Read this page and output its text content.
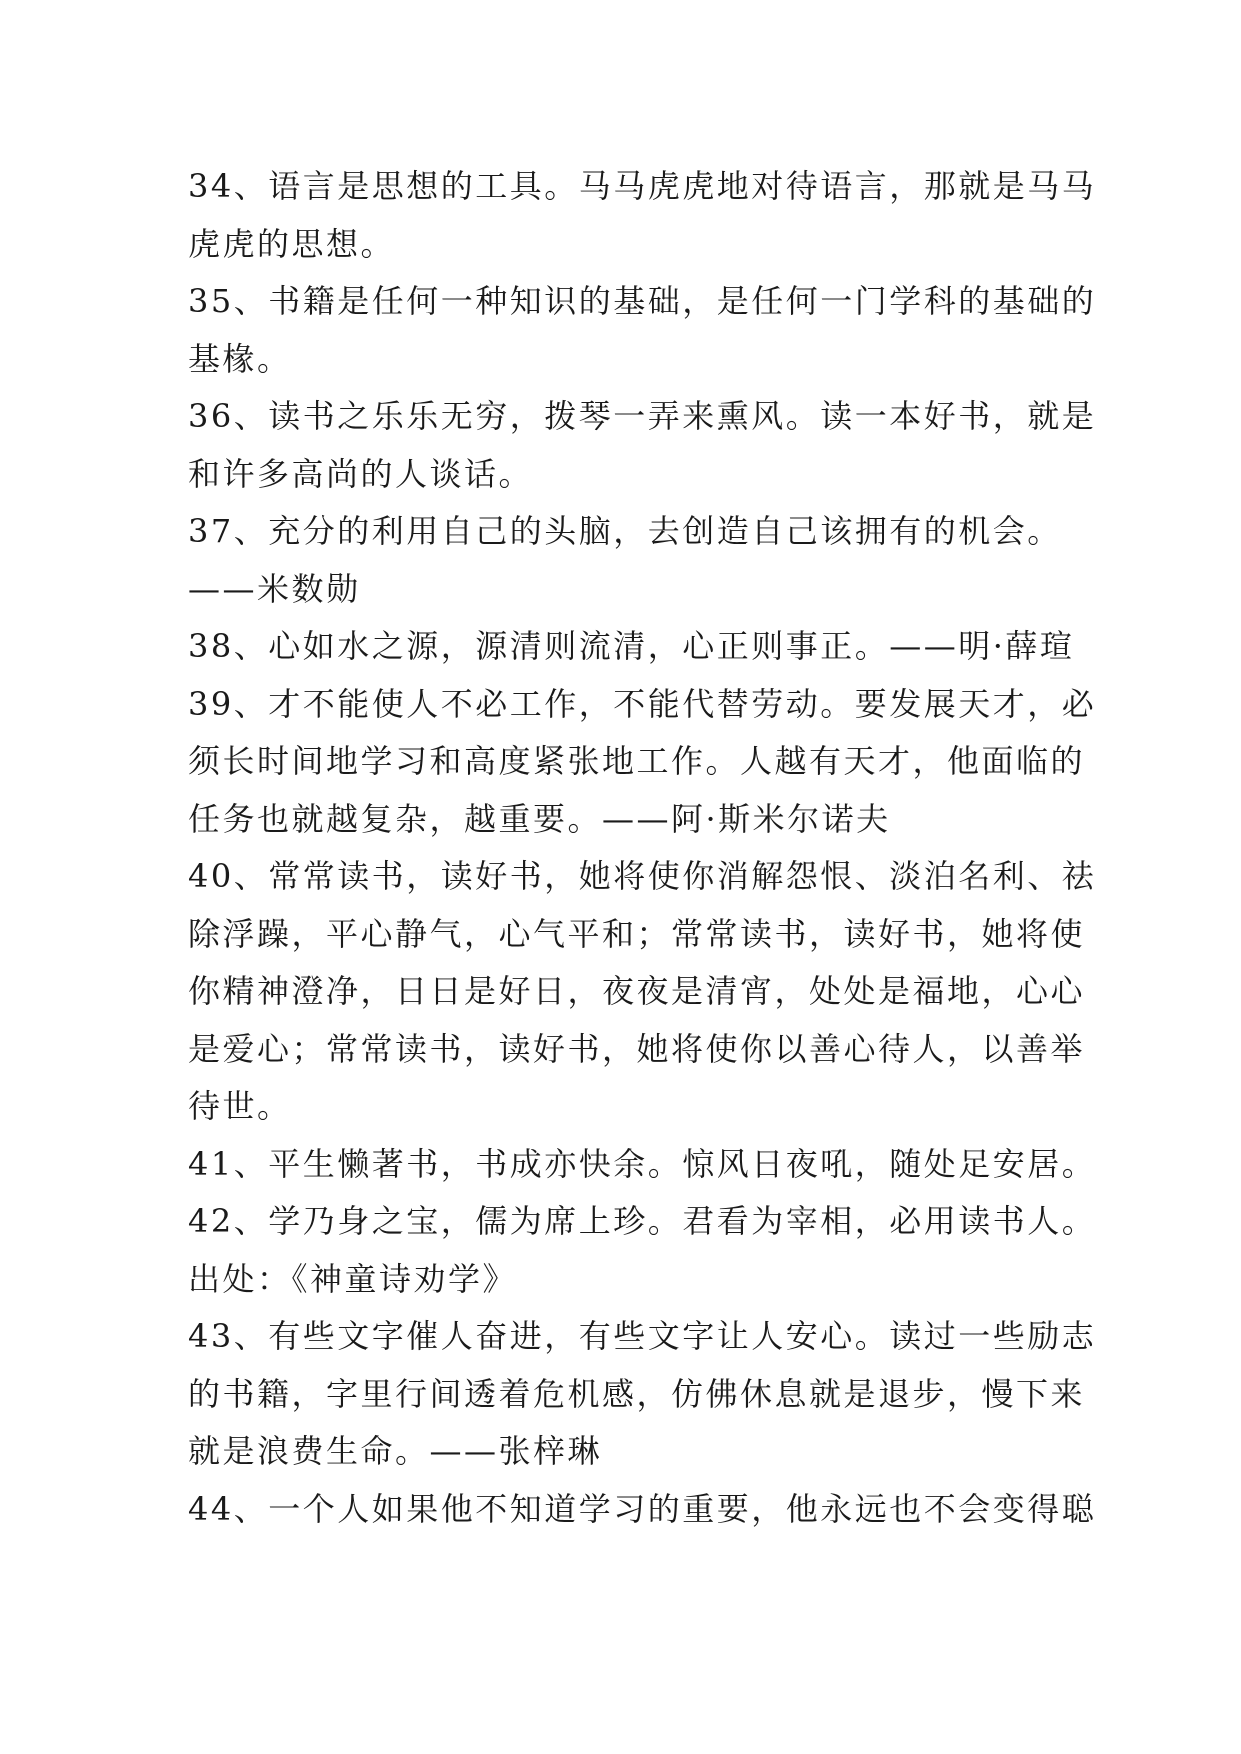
34、语言是思想的工具。马马虎虎地对待语言，那就是马马
虎虎的思想。
35、书籍是任何一种知识的基础，是任何一门学科的基础的
基椽。
36、读书之乐乐无穷，拨琴一弄来熏风。读一本好书，就是
和许多高尚的人谈话。
37、充分的利用自己的头脑，去创造自己该拥有的机会。
——米数勋
38、心如水之源，源清则流清，心正则事正。——明·薛瑄
39、才不能使人不必工作，不能代替劳动。要发展天才，必
须长时间地学习和高度紧张地工作。人越有天才，他面临的
任务也就越复杂，越重要。——阿·斯米尔诺夫
40、常常读书，读好书，她将使你消解怨恨、淡泊名利、祛
除浮躁，平心静气，心气平和；常常读书，读好书，她将使
你精神澄净，日日是好日，夜夜是清宵，处处是福地，心心
是爱心；常常读书，读好书，她将使你以善心待人，以善举
待世。
41、平生懒著书，书成亦快余。惊风日夜吼，随处足安居。
42、学乃身之宝，儒为席上珍。君看为宰相，必用读书人。
出处：《神童诗劝学》
43、有些文字催人奋进，有些文字让人安心。读过一些励志
的书籍，字里行间透着危机感，仿佛休息就是退步，慢下来
就是浪费生命。——张梓琳
44、一个人如果他不知道学习的重要，他永远也不会变得聪
